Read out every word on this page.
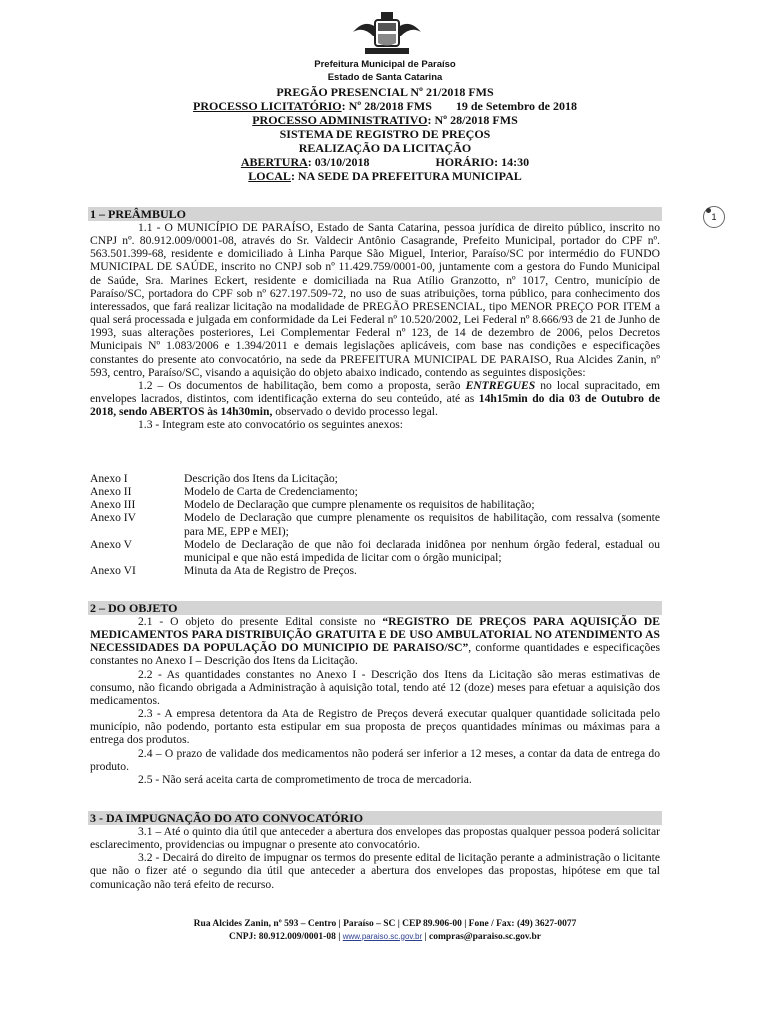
Prefeitura Municipal de Paraíso
Estado de Santa Catarina
PREGÃO PRESENCIAL Nº 21/2018 FMS
PROCESSO LICITATÓRIO: Nº 28/2018 FMS        19 de Setembro de 2018
PROCESSO ADMINISTRATIVO: Nº 28/2018 FMS
SISTEMA DE REGISTRO DE PREÇOS
REALIZAÇÃO DA LICITAÇÃO
ABERTURA: 03/10/2018                      HORÁRIO: 14:30
LOCAL: NA SEDE DA PREFEITURA MUNICIPAL
1
1 – PREÂMBULO

1.1 - O MUNICÍPIO DE PARAÍSO, Estado de Santa Catarina, pessoa jurídica de direito público, inscrito no CNPJ nº. 80.912.009/0001-08, através do Sr. Valdecir Antônio Casagrande, Prefeito Municipal, portador do CPF nº. 563.501.399-68, residente e domiciliado à Linha Parque São Miguel, Interior, Paraíso/SC por intermédio do FUNDO MUNICIPAL DE SAÚDE, inscrito no CNPJ sob nº 11.429.759/0001-00, juntamente com a gestora do Fundo Municipal de Saúde, Sra. Marines Eckert, residente e domiciliada na Rua Atílio Granzotto, nº 1017, Centro, município de Paraíso/SC, portadora do CPF sob nº 627.197.509-72, no uso de suas atribuições, torna público, para conhecimento dos interessados, que fará realizar licitação na modalidade de PREGÃO PRESENCIAL, tipo MENOR PREÇO POR ITEM a qual será processada e julgada em conformidade da Lei Federal nº 10.520/2002, Lei Federal nº 8.666/93 de 21 de Junho de 1993, suas alterações posteriores, Lei Complementar Federal nº 123, de 14 de dezembro de 2006, pelos Decretos Municipais Nº 1.083/2006 e 1.394/2011 e demais legislações aplicáveis, com base nas condições e especificações constantes do presente ato convocatório, na sede da PREFEITURA MUNICIPAL DE PARAISO, Rua Alcides Zanin, nº 593, centro, Paraíso/SC, visando a aquisição do objeto abaixo indicado, contendo as seguintes disposições:

1.2 – Os documentos de habilitação, bem como a proposta, serão ENTREGUES no local supracitado, em envelopes lacrados, distintos, com identificação externa do seu conteúdo, até as 14h15min do dia 03 de Outubro de 2018, sendo ABERTOS às 14h30min, observado o devido processo legal.

1.3 - Integram este ato convocatório os seguintes anexos:

Anexo I	Descrição dos Itens da Licitação;
Anexo II	Modelo de Carta de Credenciamento;
Anexo III	Modelo de Declaração que cumpre plenamente os requisitos de habilitação;
Anexo IV	Modelo de Declaração que cumpre plenamente os requisitos de habilitação, com ressalva (somente para ME, EPP e MEI);
Anexo V	Modelo de Declaração de que não foi declarada inidônea por nenhum órgão federal, estadual ou municipal e que não está impedida de licitar com o órgão municipal;
Anexo VI	Minuta da Ata de Registro de Preços.
2 – DO OBJETO

2.1 - O objeto do presente Edital consiste no “REGISTRO DE PREÇOS PARA AQUISIÇÃO DE MEDICAMENTOS PARA DISTRIBUIÇÃO GRATUITA E DE USO AMBULATORIAL NO ATENDIMENTO AS NECESSIDADES DA POPULAÇÃO DO MUNICIPIO DE PARAISO/SC”, conforme quantidades e especificações constantes no Anexo I – Descrição dos Itens da Licitação.

2.2 - As quantidades constantes no Anexo I - Descrição dos Itens da Licitação são meras estimativas de consumo, não ficando obrigada a Administração à aquisição total, tendo até 12 (doze) meses para efetuar a aquisição dos medicamentos.

2.3 - A empresa detentora da Ata de Registro de Preços deverá executar qualquer quantidade solicitada pelo município, não podendo, portanto esta estipular em sua proposta de preços quantidades mínimas ou máximas para a entrega dos produtos.

2.4 – O prazo de validade dos medicamentos não poderá ser inferior a 12 meses, a contar da data de entrega do produto.

2.5 - Não será aceita carta de comprometimento de troca de mercadoria.

3 - DA IMPUGNAÇÃO DO ATO CONVOCATÓRIO

3.1 – Até o quinto dia útil que anteceder a abertura dos envelopes das propostas qualquer pessoa poderá solicitar esclarecimento, providencias ou impugnar o presente ato convocatório.

3.2 - Decairá do direito de impugnar os termos do presente edital de licitação perante a administração o licitante que não o fizer até o segundo dia útil que anteceder a abertura dos envelopes das propostas, hipótese em que tal comunicação não terá efeito de recurso.

Rua Alcides Zanin, nº 593 – Centro | Paraíso – SC | CEP 89.906-00 | Fone / Fax: (49) 3627-0077
CNPJ: 80.912.009/0001-08 | www.paraiso.sc.gov.br | compras@paraiso.sc.gov.br
